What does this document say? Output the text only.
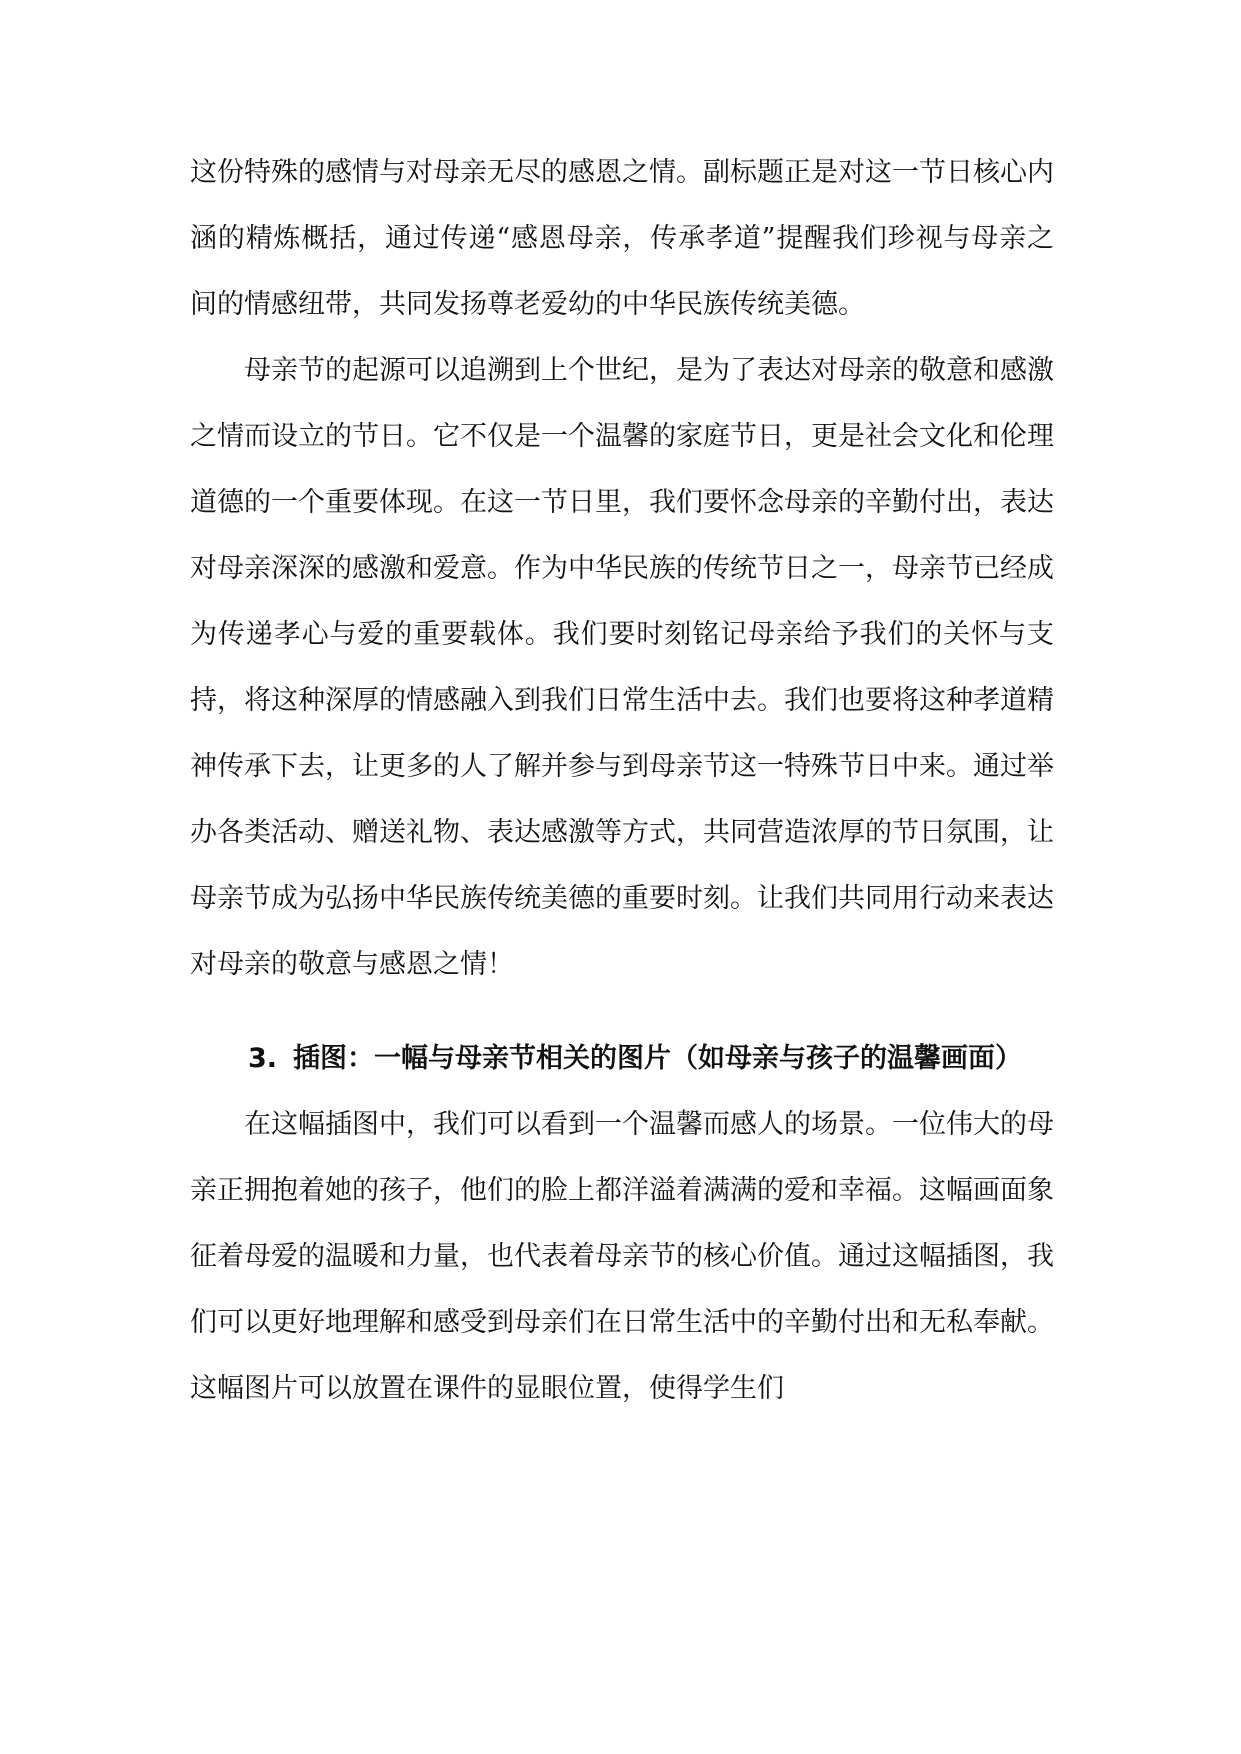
这份特殊的感情与对母亲无尽的感恩之情。副标题正是对这一节日核心内涵的精炼概括，通过传递“感恩母亲，传承孝道”提醒我们珍视与母亲之间的情感纽带，共同发扬尊老爱幼的中华民族传统美德。

母亲节的起源可以追溯到上个世纪，是为了表达对母亲的敬意和感激之情而设立的节日。它不仅是一个温馨的家庭节日，更是社会文化和伦理道德的一个重要体现。在这一节日里，我们要怀念母亲的辛勤付出，表达对母亲深深的感激和爱意。作为中华民族的传统节日之一，母亲节已经成为传递孝心与爱的重要载体。我们要时刻铭记母亲给予我们的关怀与支持，将这种深厚的情感融入到我们日常生活中去。我们也要将这种孝道精神传承下去，让更多的人了解并参与到母亲节这一特殊节日中来。通过举办各类活动、赠送礼物、表达感激等方式，共同营造浓厚的节日氛围，让母亲节成为弘扬中华民族传统美德的重要时刻。让我们共同用行动来表达对母亲的敬意与感恩之情！

3. 插图：一幅与母亲节相关的图片（如母亲与孩子的温馨画面）

在这幅插图中，我们可以看到一个温馨而感人的场景。一位伟大的母亲正拥抱着她的孩子，他们的脸上都洋溢着满满的爱和幸福。这幅画面象征着母爱的温暖和力量，也代表着母亲节的核心价值。通过这幅插图，我们可以更好地理解和感受到母亲们在日常生活中的辛勤付出和无私奉献。这幅图片可以放置在课件的显眼位置，使得学生们
